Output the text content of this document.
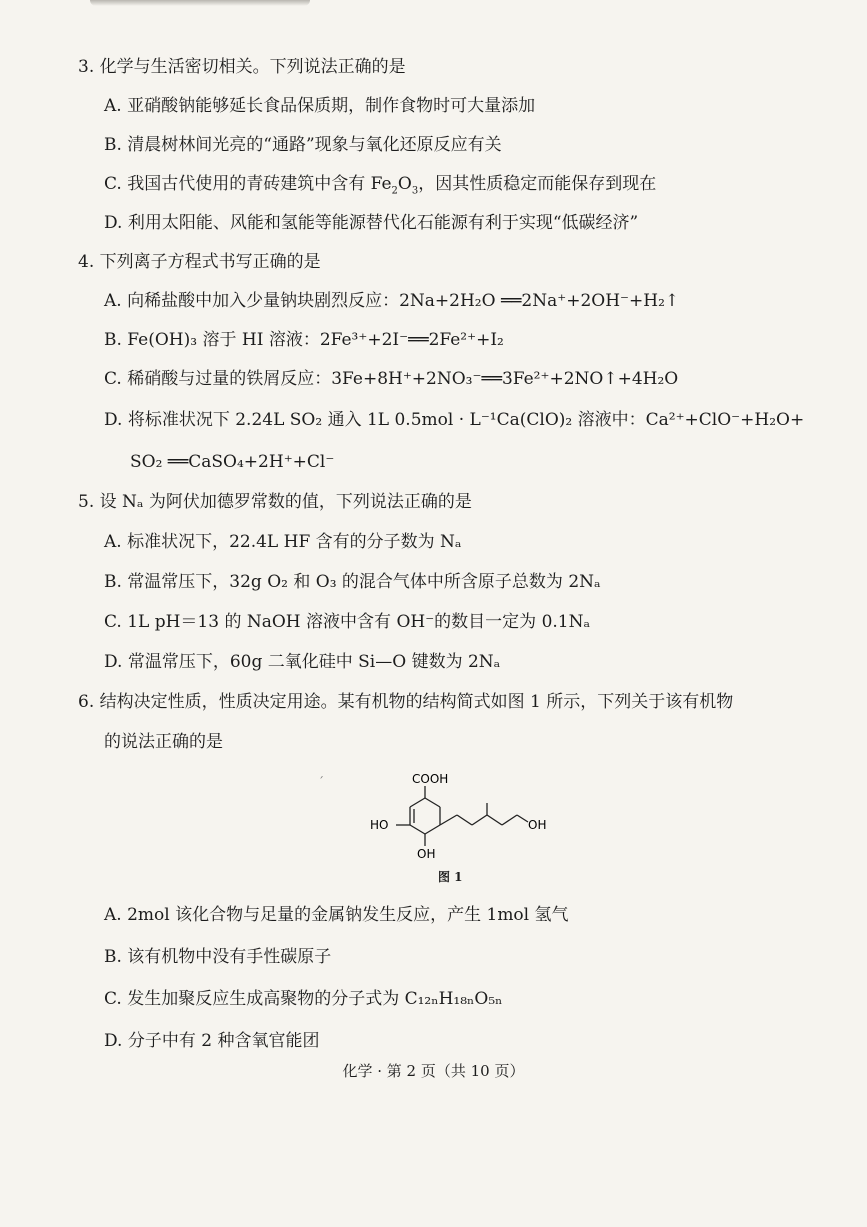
3. 化学与生活密切相关。下列说法正确的是
A. 亚硝酸钠能够延长食品保质期，制作食物时可大量添加
B. 清晨树林间光亮的“通路”现象与氧化还原反应有关
C. 我国古代使用的青砖建筑中含有 $Fe_2O_3$，因其性质稳定而能保存到现在
D. 利用太阳能、风能和氢能等能源替代化石能源有利于实现“低碳经济”
4. 下列离子方程式书写正确的是
A. 向稀盐酸中加入少量钠块剧烈反应：2Na+2H₂O ══2Na⁺+2OH⁻+H₂↑
B. Fe(OH)₃ 溶于 HI 溶液：2Fe³⁺+2I⁻══2Fe²⁺+I₂
C. 稀硝酸与过量的铁屑反应：3Fe+8H⁺+2NO₃⁻══3Fe²⁺+2NO↑+4H₂O
D. 将标准状况下 2.24L SO₂ 通入 1L 0.5mol · L⁻¹Ca(ClO)₂ 溶液中：Ca²⁺+ClO⁻+H₂O+
SO₂ ══CaSO₄+2H⁺+Cl⁻
5. 设 Nₐ 为阿伏加德罗常数的值，下列说法正确的是
A. 标准状况下，22.4L HF 含有的分子数为 Nₐ
B. 常温常压下，32g O₂ 和 O₃ 的混合气体中所含原子总数为 2Nₐ
C. 1L pH＝13 的 NaOH 溶液中含有 OH⁻的数目一定为 0.1Nₐ
D. 常温常压下，60g 二氧化硅中 Si—O 键数为 2Nₐ
6. 结构决定性质，性质决定用途。某有机物的结构简式如图 1 所示，下列关于该有机物
的说法正确的是
ˊ	COOH
HO
OH
OH
图 1
A. 2mol 该化合物与足量的金属钠发生反应，产生 1mol 氢气
B. 该有机物中没有手性碳原子
C. 发生加聚反应生成高聚物的分子式为 C₁₂ₙH₁₈ₙO₅ₙ
D. 分子中有 2 种含氧官能团
化学 · 第 2 页（共 10 页）
